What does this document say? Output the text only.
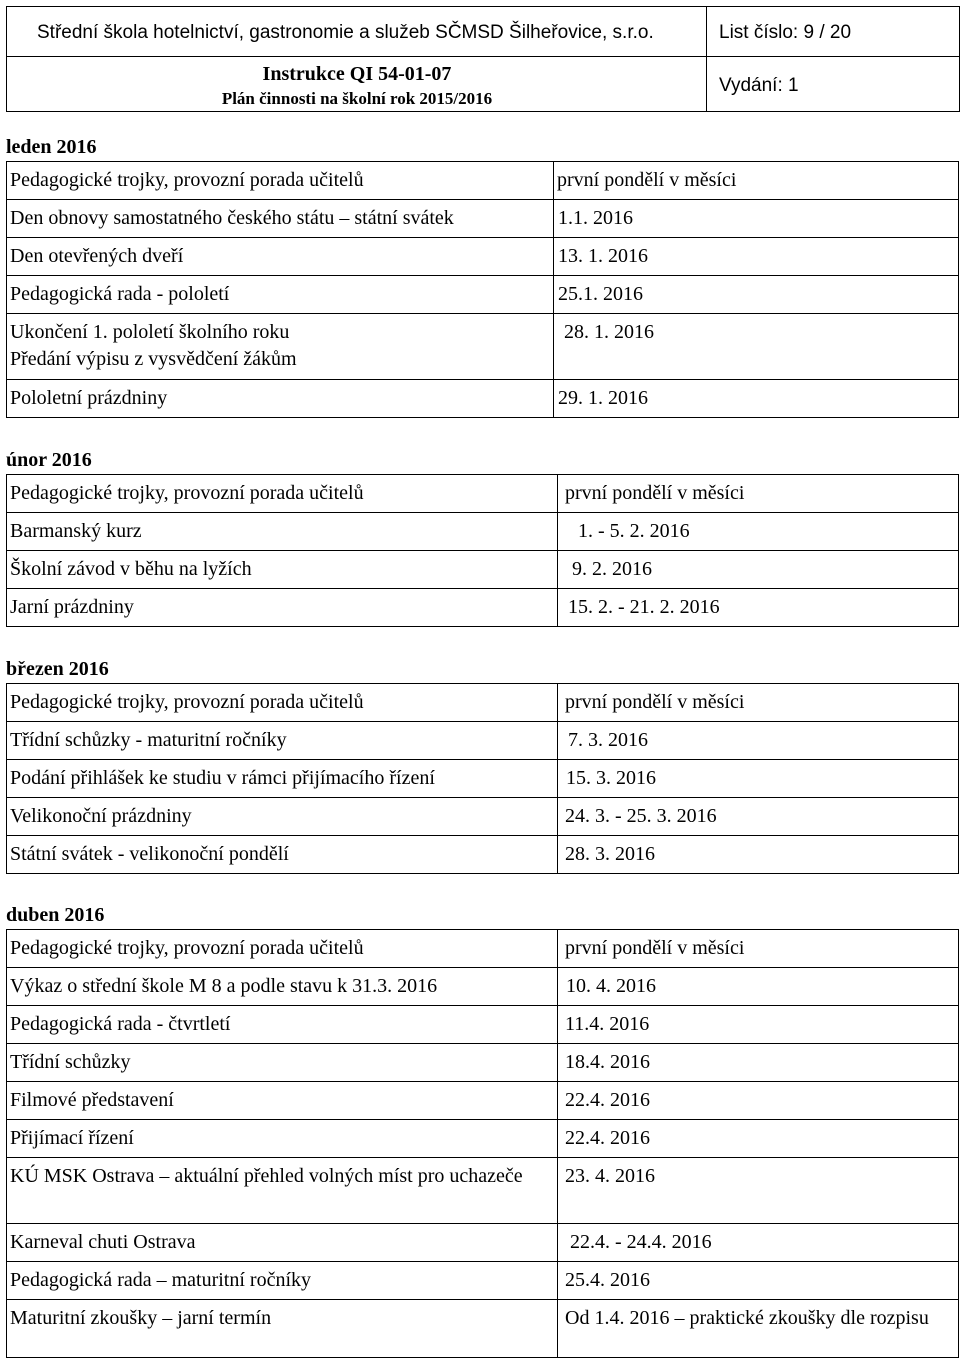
Střední škola hotelnictví, gastronomie a služeb SČMSD Šilheřovice, s.r.o.	List číslo: 9 / 20
Instrukce QI 54-01-07
Plán činnosti na školní rok 2015/2016
Vydání: 1
leden 2016
Pedagogické trojky, provozní porada učitelů	první pondělí v měsíci
Den obnovy samostatného českého státu – státní svátek	1.1. 2016
Den otevřených dveří	13. 1. 2016
Pedagogická rada - pololetí	25.1. 2016

Ukončení 1. pololetí školního roku
Předání výpisu z vysvědčení žákům	28. 1. 2016
Pololetní prázdniny	29. 1. 2016
únor 2016
Pedagogické trojky, provozní porada učitelů	první pondělí v měsíci
Barmanský kurz	1. - 5. 2. 2016
Školní závod v běhu na lyžích	9. 2. 2016
Jarní prázdniny	15. 2. - 21. 2. 2016
březen 2016
Pedagogické trojky, provozní porada učitelů	první pondělí v měsíci
Třídní schůzky - maturitní ročníky	7. 3. 2016
Podání přihlášek ke studiu v rámci přijímacího řízení	15. 3. 2016
Velikonoční prázdniny	24. 3. - 25. 3. 2016
Státní svátek - velikonoční pondělí	28. 3. 2016
duben 2016
Pedagogické trojky, provozní porada učitelů	první pondělí v měsíci
Výkaz o střední škole M 8 a podle stavu k 31.3. 2016	10. 4. 2016
Pedagogická rada - čtvrtletí	11.4. 2016
Třídní schůzky	18.4. 2016
Filmové představení	22.4. 2016
Přijímací řízení	22.4. 2016
KÚ MSK Ostrava – aktuální přehled volných míst pro uchazeče	23. 4. 2016
Karneval chuti Ostrava	22.4. - 24.4. 2016
Pedagogická rada – maturitní ročníky	25.4. 2016
Maturitní zkoušky – jarní termín	Od 1.4. 2016 – praktické zkoušky dle rozpisu
